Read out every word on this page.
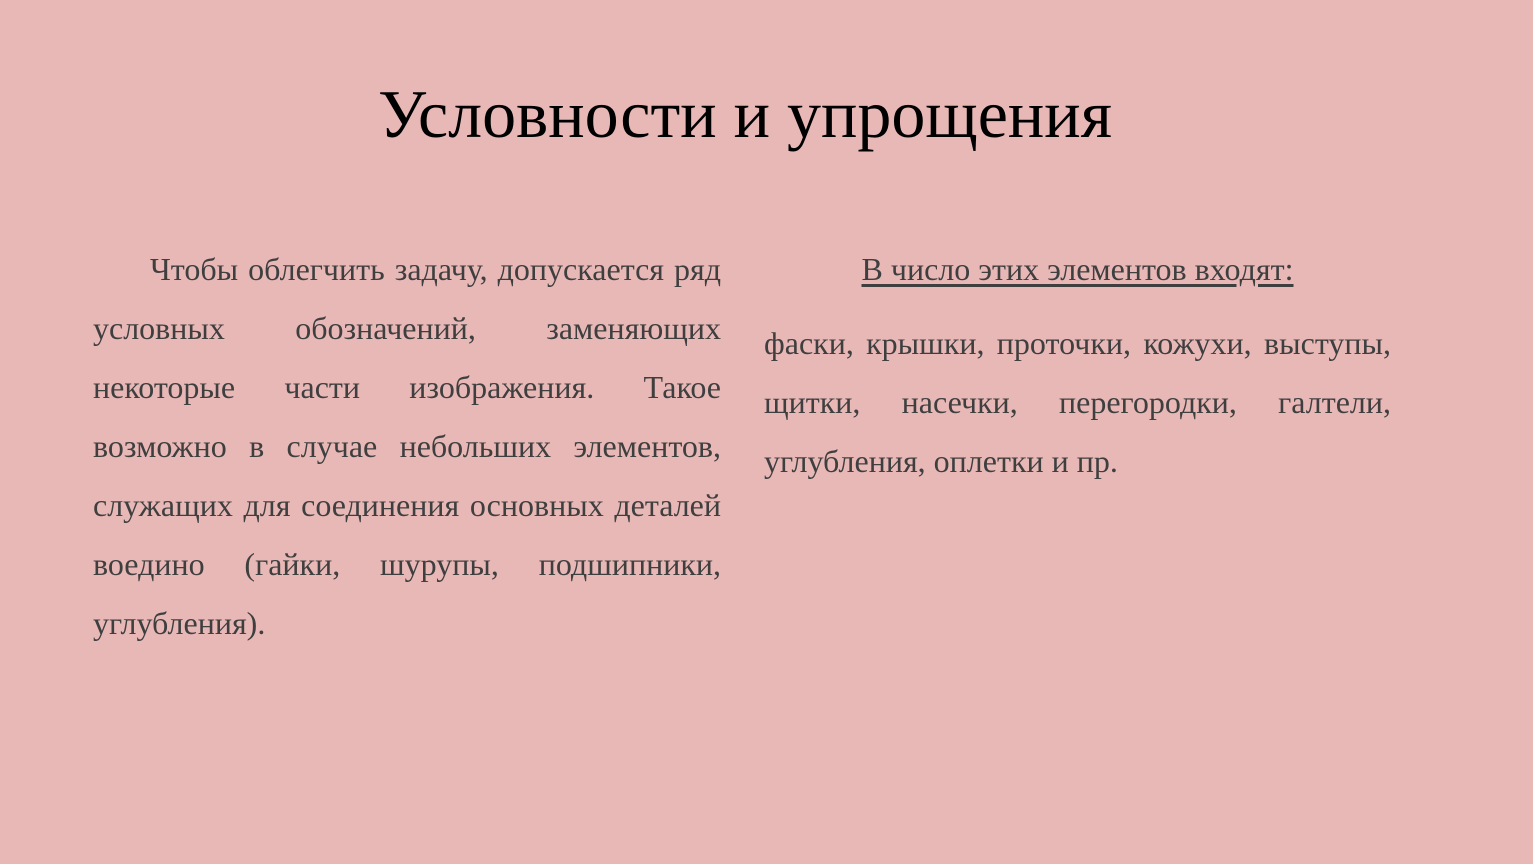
Условности и упрощения

Чтобы облегчить задачу, допускается ряд условных обозначений, заменяющих некоторые части изображения. Такое возможно в случае небольших элементов, служащих для соединения основных деталей воедино (гайки, шурупы, подшипники, углубления).

В число этих элементов входят:

фаски, крышки, проточки, кожухи, выступы, щитки, насечки, перегородки, галтели, углубления, оплетки и пр.
